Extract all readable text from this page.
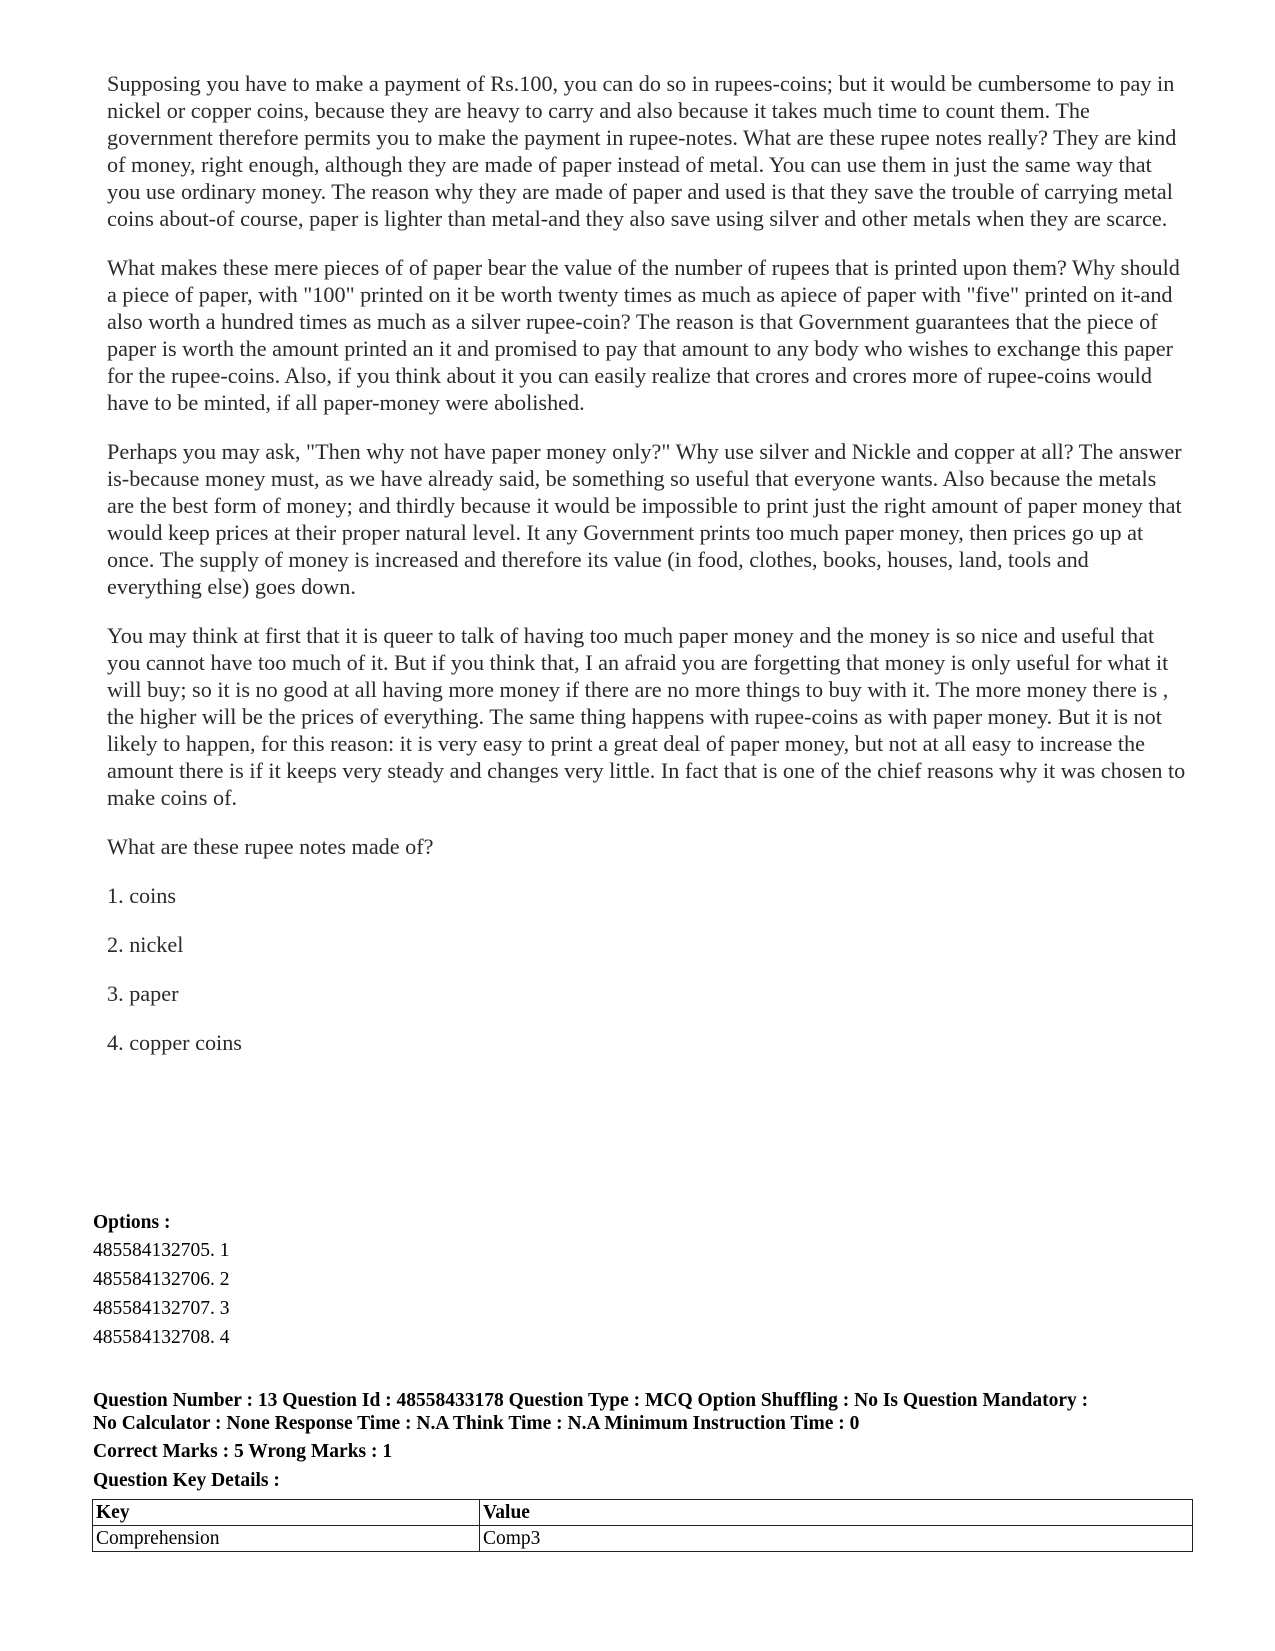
Supposing you have to make a payment of Rs.100, you can do so in rupees-coins; but it would be cumbersome to pay in nickel or copper coins, because they are heavy to carry and also because it takes much time to count them. The government therefore permits you to make the payment in rupee-notes. What are these rupee notes really? They are kind of money, right enough, although they are made of paper instead of metal. You can use them in just the same way that you use ordinary money. The reason why they are made of paper and used is that they save the trouble of carrying metal coins about-of course, paper is lighter than metal-and they also save using silver and other metals when they are scarce.

What makes these mere pieces of of paper bear the value of the number of rupees that is printed upon them? Why should a piece of paper, with "100" printed on it be worth twenty times as much as apiece of paper with "five" printed on it-and also worth a hundred times as much as a silver rupee-coin? The reason is that Government guarantees that the piece of paper is worth the amount printed an it and promised to pay that amount to any body who wishes to exchange this paper for the rupee-coins. Also, if you think about it you can easily realize that crores and crores more of rupee-coins would have to be minted, if all paper-money were abolished.

Perhaps you may ask, "Then why not have paper money only?" Why use silver and Nickle and copper at all? The answer is-because money must, as we have already said, be something so useful that everyone wants. Also because the metals are the best form of money; and thirdly because it would be impossible to print just the right amount of paper money that would keep prices at their proper natural level. It any Government prints too much paper money, then prices go up at once. The supply of money is increased and therefore its value (in food, clothes, books, houses, land, tools and everything else) goes down.

You may think at first that it is queer to talk of having too much paper money and the money is so nice and useful that you cannot have too much of it. But if you think that, I an afraid you are forgetting that money is only useful for what it will buy; so it is no good at all having more money if there are no more things to buy with it. The more money there is , the higher will be the prices of everything. The same thing happens with rupee-coins as with paper money. But it is not likely to happen, for this reason: it is very easy to print a great deal of paper money, but not at all easy to increase the amount there is if it keeps very steady and changes very little. In fact that is one of the chief reasons why it was chosen to make coins of.

What are these rupee notes made of?

1. coins

2. nickel

3. paper

4. copper coins

Options :
485584132705. 1
485584132706. 2
485584132707. 3
485584132708. 4
Question Number : 13 Question Id : 48558433178 Question Type : MCQ Option Shuffling : No Is Question Mandatory :
No Calculator : None Response Time : N.A Think Time : N.A Minimum Instruction Time : 0
Correct Marks : 5 Wrong Marks : 1
Question Key Details :
Key	Value
Comprehension	Comp3
